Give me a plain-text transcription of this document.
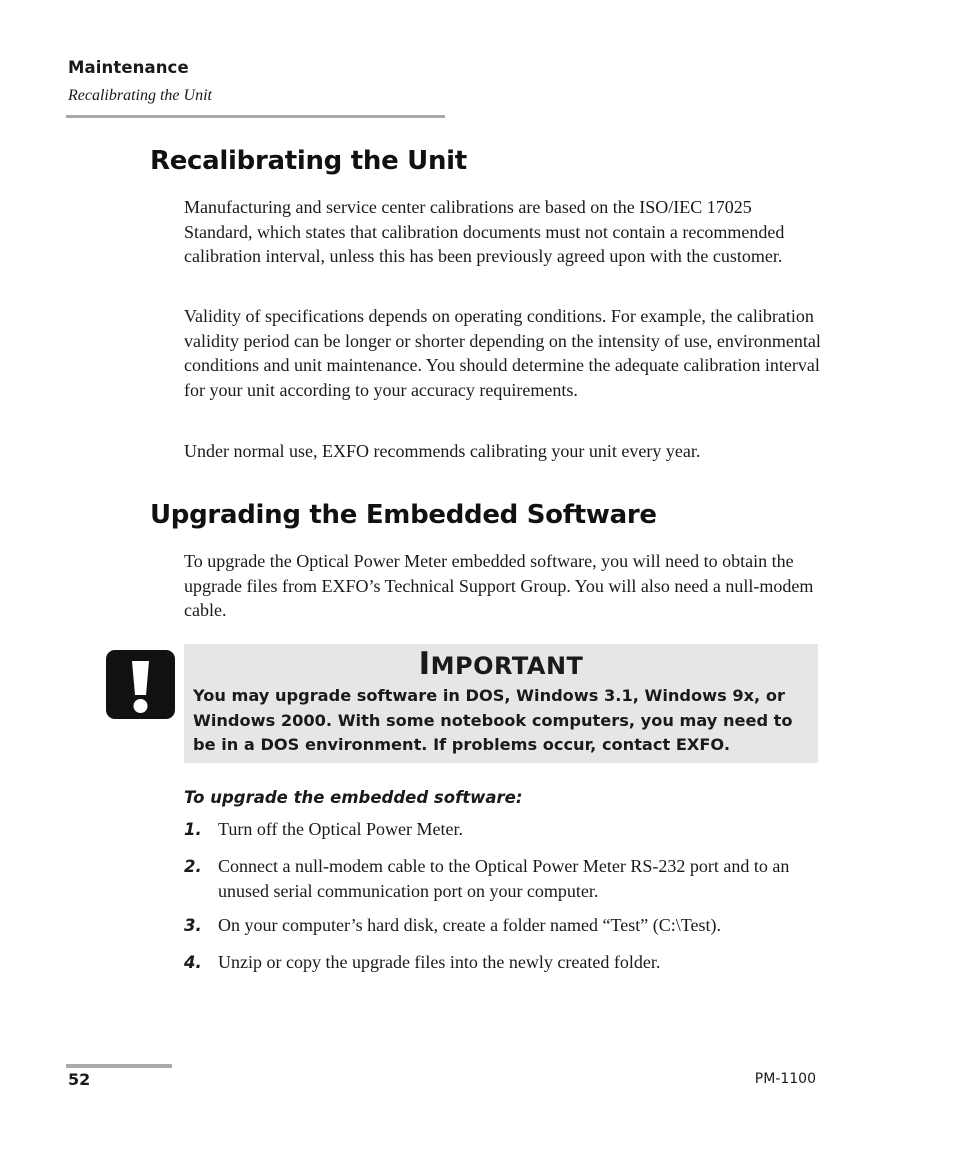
Maintenance
Recalibrating the Unit
Recalibrating the Unit

Manufacturing and service center calibrations are based on the ISO/IEC 17025 Standard, which states that calibration documents must not contain a recommended calibration interval, unless this has been previously agreed upon with the customer.

Validity of specifications depends on operating conditions. For example, the calibration validity period can be longer or shorter depending on the intensity of use, environmental conditions and unit maintenance. You should determine the adequate calibration interval for your unit according to your accuracy requirements.

Under normal use, EXFO recommends calibrating your unit every year.

Upgrading the Embedded Software

To upgrade the Optical Power Meter embedded software, you will need to obtain the upgrade files from EXFO’s Technical Support Group. You will also need a null-modem cable.

IMPORTANT
You may upgrade software in DOS, Windows 3.1, Windows 9x, or Windows 2000. With some notebook computers, you may need to be in a DOS environment. If problems occur, contact EXFO.
To upgrade the embedded software:
1. Turn off the Optical Power Meter.
2. Connect a null-modem cable to the Optical Power Meter RS-232 port and to an unused serial communication port on your computer.
3. On your computer’s hard disk, create a folder named “Test” (C:\Test).
4. Unzip or copy the upgrade files into the newly created folder.
52	PM-1100
